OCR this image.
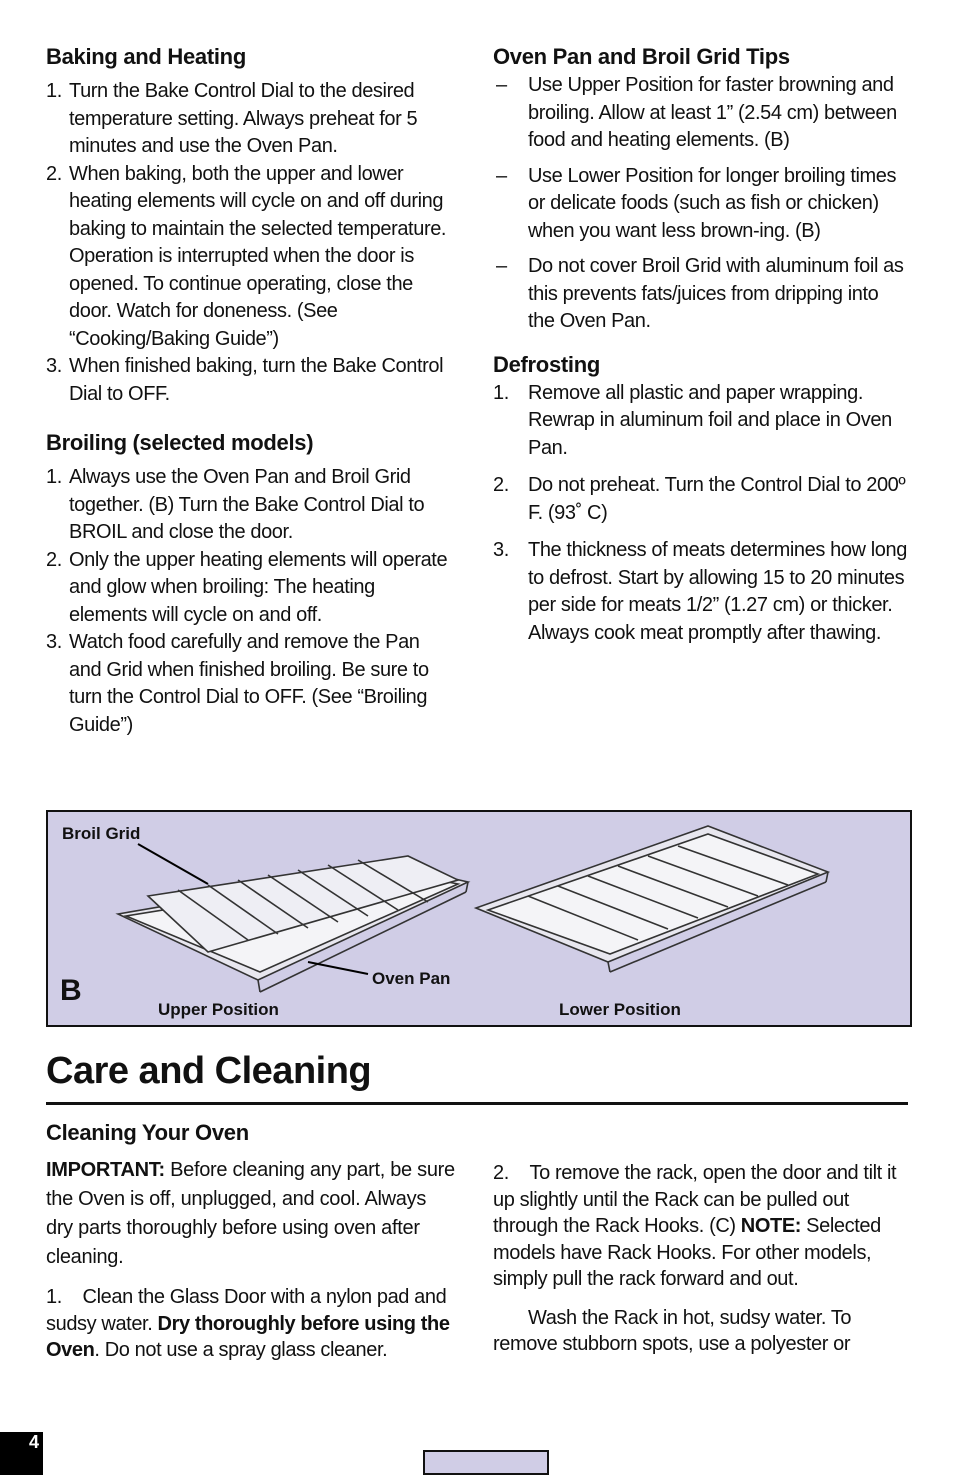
Baking and Heating
1. Turn the Bake Control Dial to the desired temperature setting. Always preheat for 5 minutes and use the Oven Pan.
2. When baking, both the upper and lower heating elements will cycle on and off during baking to maintain the selected temperature. Operation is interrupted when the door is opened. To continue operating, close the door. Watch for doneness. (See “Cooking/Baking Guide”)
3. When finished baking, turn the Bake Control Dial to OFF.
Broiling (selected models)
1. Always use the Oven Pan and Broil Grid together. (B) Turn the Bake Control Dial to BROIL and close the door.
2. Only the upper heating elements will operate and glow when broiling: The heating elements will cycle on and off.
3. Watch food carefully and remove the Pan and Grid when finished broiling. Be sure to turn the Control Dial to OFF. (See “Broiling Guide”)
Oven Pan and Broil Grid Tips
– Use Upper Position for faster browning and broiling. Allow at least 1” (2.54 cm) between food and heating elements. (B)
– Use Lower Position for longer broiling times or delicate foods (such as fish or chicken) when you want less brown-ing. (B)
– Do not cover Broil Grid with aluminum foil as this prevents fats/juices from dripping into the Oven Pan.
Defrosting
1. Remove all plastic and paper wrapping. Rewrap in aluminum foil and place in Oven Pan.
2. Do not preheat. Turn the Control Dial to 200º F. (93˚ C)
3. The thickness of meats determines how long to defrost. Start by allowing 15 to 20 minutes per side for meats 1/2” (1.27 cm) or thicker. Always cook meat promptly after thawing.
Broil Grid
Oven Pan
Upper Position	Lower Position
B
Care and Cleaning
Cleaning Your Oven

IMPORTANT: Before cleaning any part, be sure the Oven is off, unplugged, and cool. Always dry parts thoroughly before using oven after cleaning.

1. Clean the Glass Door with a nylon pad and sudsy water. Dry thoroughly before using the Oven. Do not use a spray glass cleaner.

2. To remove the rack, open the door and tilt it up slightly until the Rack can be pulled out through the Rack Hooks. (C) NOTE: Selected models have Rack Hooks. For other models, simply pull the rack forward and out.

Wash the Rack in hot, sudsy water. To remove stubborn spots, use a polyester or

4
